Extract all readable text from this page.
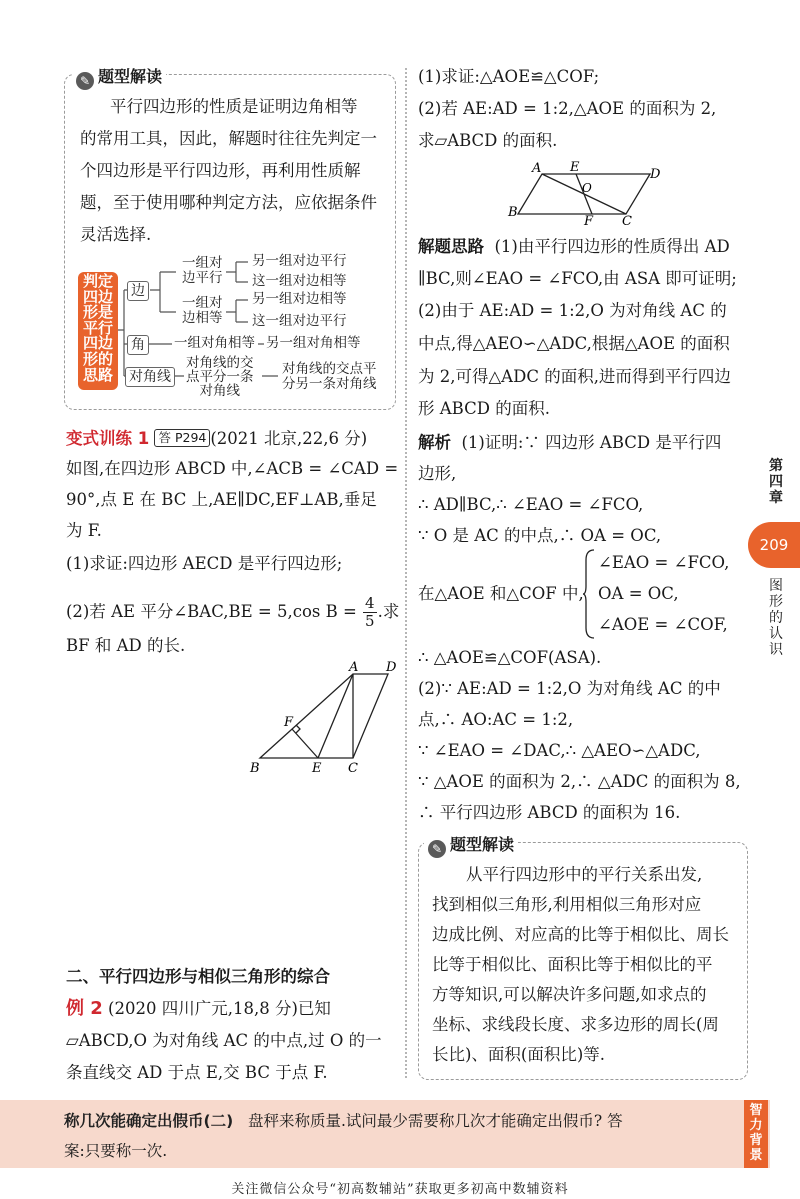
✎ 题型解读
平行四边形的性质是证明边角相等
的常用工具，因此，解题时往往先判定一
个四边形是平行四边形，再利用性质解
题，至于使用哪种判定方法，应依据条件
灵活选择.
判定
四边
形是
平行
四边
形的
思路
边
角
对角线
一组对
边平行
另一组对边平行
这一组对边相等
一组对
边相等
另一组对边相等
这一组对边平行
一组对角相等 另一组对角相等
对角线的交
点平分一条
对角线
对角线的交点平
分另一条对角线
变式训练 1 答 P294 (2021 北京,22,6 分)
如图,在四边形 ABCD 中,∠ACB = ∠CAD =
90°,点 E 在 BC 上,AE∥DC,EF⊥AB,垂足
为 F.
(1)求证:四边形 AECD 是平行四边形;
(2)若 AE 平分∠BAC,BE = 5,cos $B = \frac{4}{5}$ .求
BF 和 AD 的长.
A D
F
B	E C
二、平行四边形与相似三角形的综合
例 2 (2020 四川广元,18,8 分)已知
▱ABCD,O 为对角线 AC 的中点,过 O 的一
条直线交 AD 于点 E,交 BC 于点 F.
(1)求证:△AOE≌△COF;
(2)若 AE:AD = 1:2,△AOE 的面积为 2,
求▱ABCD 的面积.
A E	D
O
B
F C
解题思路 (1)由平行四边形的性质得出 AD
∥BC,则∠EAO = ∠FCO,由 ASA 即可证明;
(2)由于 AE:AD = 1:2,O 为对角线 AC 的
中点,得△AEO∽△ADC,根据△AOE 的面积
为 2,可得△ADC 的面积,进而得到平行四边
形 ABCD 的面积.
解析 (1)证明:∵ 四边形 ABCD 是平行四
边形,
∴ AD∥BC,∴ ∠EAO = ∠FCO,
∵ O 是 AC 的中点,∴ OA = OC,
在△AOE 和△COF 中,
∠EAO = ∠FCO,
OA = OC,
∠AOE = ∠COF,
∴ △AOE≌△COF(ASA).
(2)∵ AE:AD = 1:2,O 为对角线 AC 的中
点,∴ AO:AC = 1:2,
∵ ∠EAO = ∠DAC,∴ △AEO∽△ADC,
∵ △AOE 的面积为 2,∴ △ADC 的面积为 8,
∴ 平行四边形 ABCD 的面积为 16.
✎ 题型解读
从平行四边形中的平行关系出发,
找到相似三角形,利用相似三角形对应
边成比例、对应高的比等于相似比、周长
比等于相似比、面积比等于相似比的平
方等知识,可以解决许多问题,如求点的
坐标、求线段长度、求多边形的周长(周
长比)、面积(面积比)等.
第
四
章
209
图
形
的
认
识
称几次能确定出假币(二) 盘秤来称质量.试问最少需要称几次才能确定出假币? 答
案:只要称一次.
智
力
背
景
关注微信公众号“初高数辅站”获取更多初高中数辅资料
